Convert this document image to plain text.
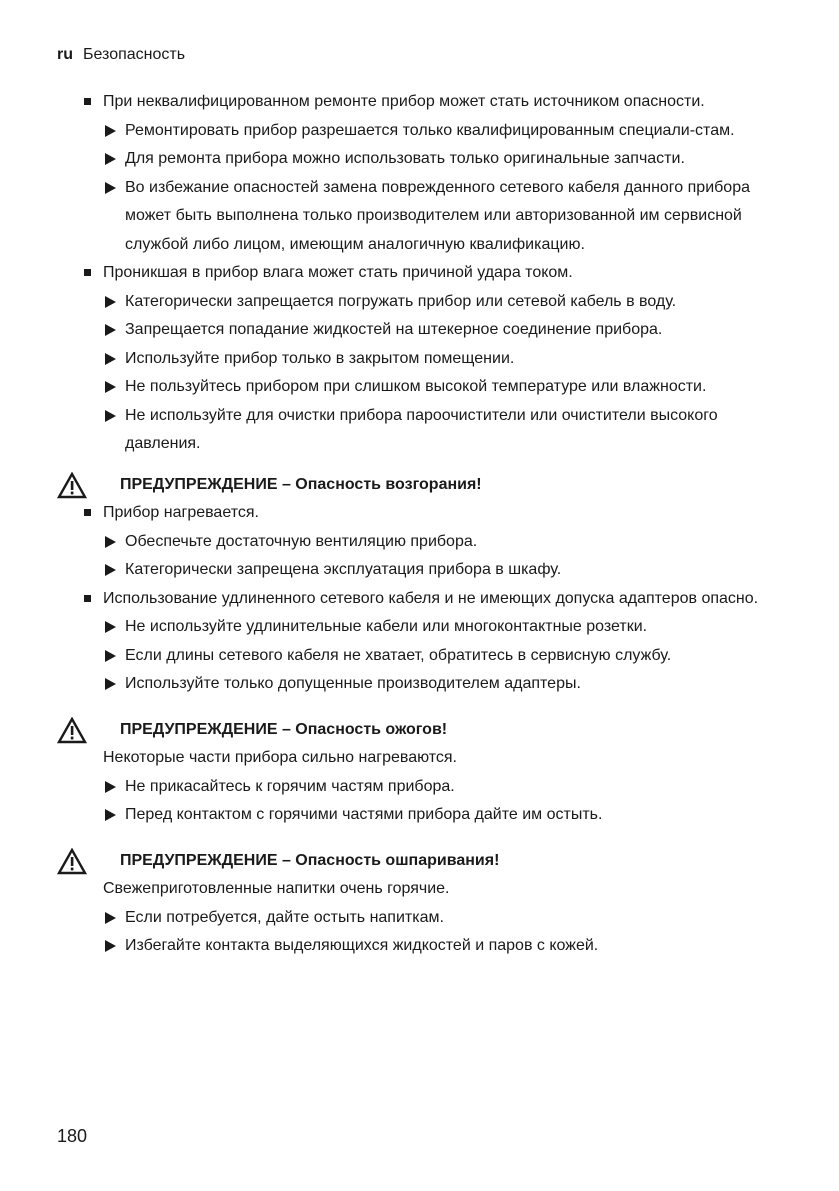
ru Безопасность
При неквалифицированном ремонте прибор может стать источником опасности.
Ремонтировать прибор разрешается только квалифицированным специали-стам.
Для ремонта прибора можно использовать только оригинальные запчасти.
Во избежание опасностей замена поврежденного сетевого кабеля данного прибора может быть выполнена только производителем или авторизованной им сервисной службой либо лицом, имеющим аналогичную квалификацию.
Проникшая в прибор влага может стать причиной удара током.
Категорически запрещается погружать прибор или сетевой кабель в воду.
Запрещается попадание жидкостей на штекерное соединение прибора.
Используйте прибор только в закрытом помещении.
Не пользуйтесь прибором при слишком высокой температуре или влажности.
Не используйте для очистки прибора пароочистители или очистители высокого давления.
ПРЕДУПРЕЖДЕНИЕ – Опасность возгорания!
Прибор нагревается.
Обеспечьте достаточную вентиляцию прибора.
Категорически запрещена эксплуатация прибора в шкафу.
Использование удлиненного сетевого кабеля и не имеющих допуска адаптеров опасно.
Не используйте удлинительные кабели или многоконтактные розетки.
Если длины сетевого кабеля не хватает, обратитесь в сервисную службу.
Используйте только допущенные производителем адаптеры.
ПРЕДУПРЕЖДЕНИЕ – Опасность ожогов!
Некоторые части прибора сильно нагреваются.
Не прикасайтесь к горячим частям прибора.
Перед контактом с горячими частями прибора дайте им остыть.
ПРЕДУПРЕЖДЕНИЕ – Опасность ошпаривания!
Свежеприготовленные напитки очень горячие.
Если потребуется, дайте остыть напиткам.
Избегайте контакта выделяющихся жидкостей и паров с кожей.
180
